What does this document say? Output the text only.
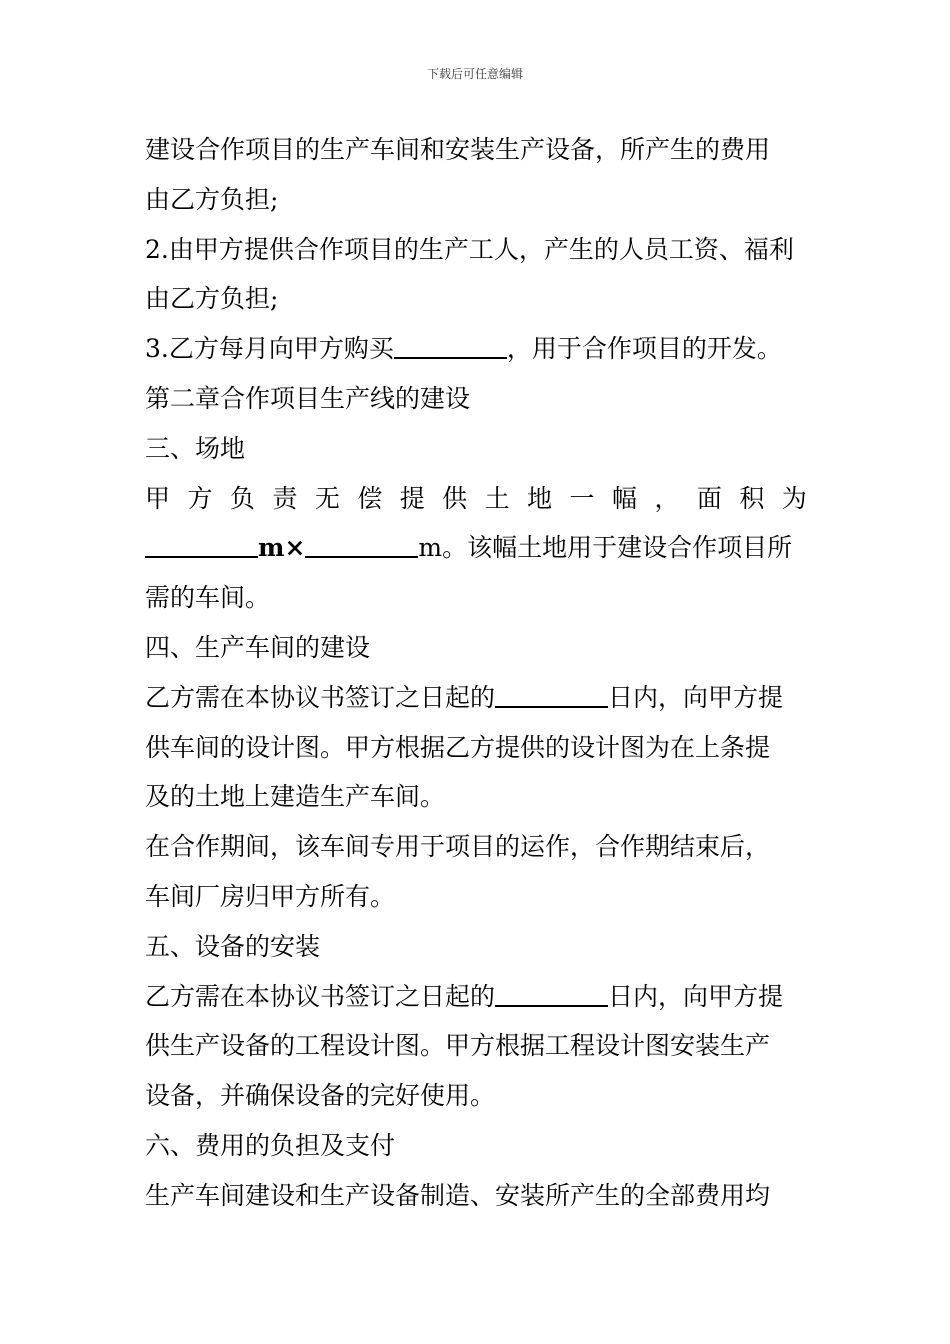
下载后可任意编辑
建设合作项目的生产车间和安装生产设备，所产生的费用
由乙方负担;
2.由甲方提供合作项目的生产工人，产生的人员工资、福利
由乙方负担;
3.乙方每月向甲方购买	，用于合作项目的开发。
第二章合作项目生产线的建设
三、场地
甲 方 负 责 无 偿 提 供 土 地 一 幅 ， 面 积 为
m×	m。该幅土地用于建设合作项目所
需的车间。
四、生产车间的建设
乙方需在本协议书签订之日起的	日内，向甲方提
供车间的设计图。甲方根据乙方提供的设计图为在上条提
及的土地上建造生产车间。
在合作期间，该车间专用于项目的运作，合作期结束后，
车间厂房归甲方所有。
五、设备的安装
乙方需在本协议书签订之日起的	日内，向甲方提
供生产设备的工程设计图。甲方根据工程设计图安装生产
设备，并确保设备的完好使用。
六、费用的负担及支付
生产车间建设和生产设备制造、安装所产生的全部费用均
